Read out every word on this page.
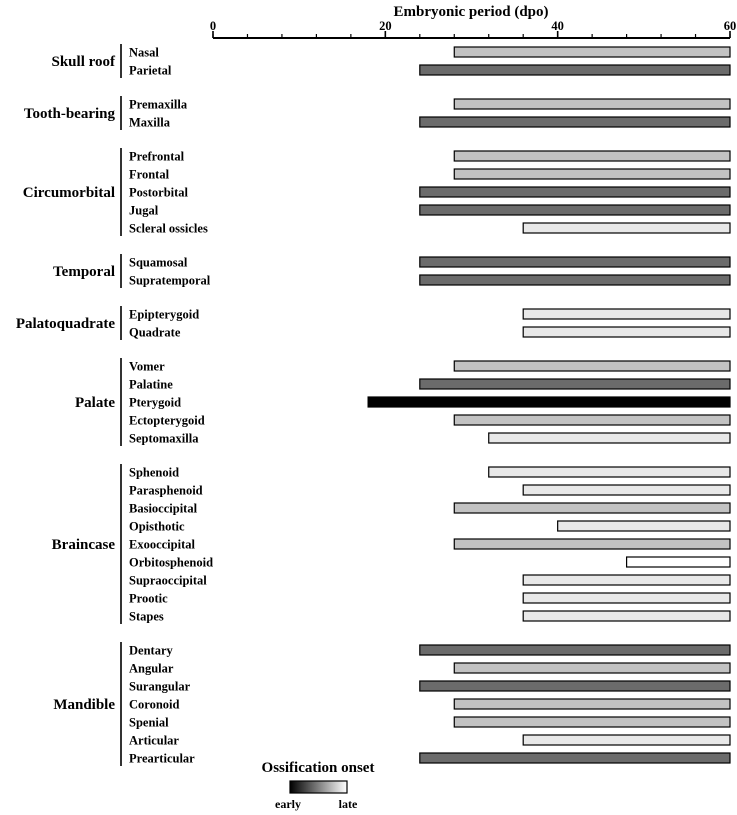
Embryonic period (dpo)
0	20	40	60
Nasal
Parietal
Premaxilla
Maxilla
Prefrontal
Frontal
Postorbital
Jugal
Scleral ossicles
Squamosal
Supratemporal
Epipterygoid
Quadrate
Vomer
Palatine
Pterygoid
Ectopterygoid
Septomaxilla
Sphenoid
Parasphenoid
Basioccipital
Opisthotic
Exooccipital
Orbitosphenoid
Supraoccipital
Prootic
Stapes
Dentary
Angular
Surangular
Coronoid
Spenial
Articular
Prearticular
Skull roof
Tooth-bearing
Circumorbital
Temporal
Palatoquadrate
Palate
Braincase
Mandible
Ossification onset
early	late
